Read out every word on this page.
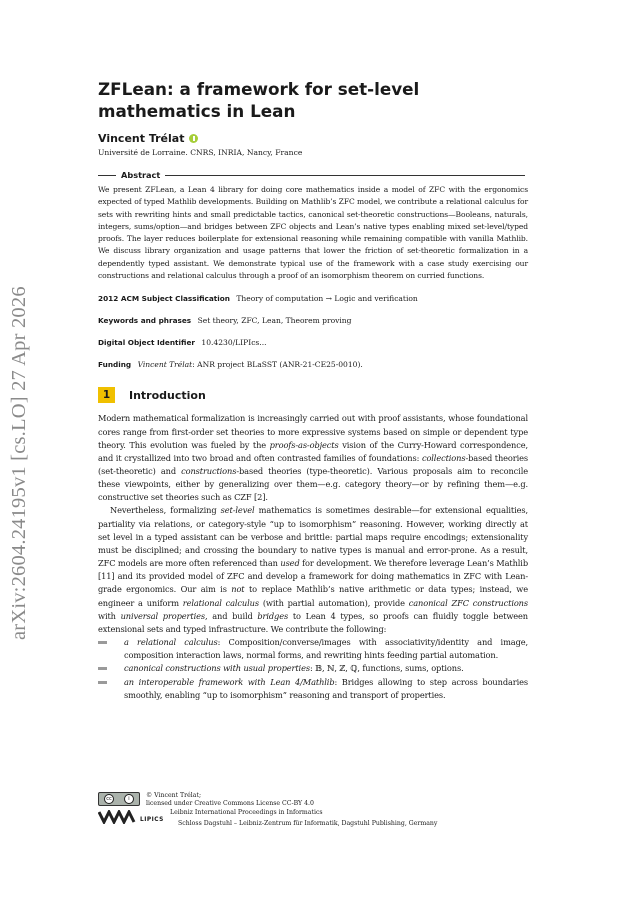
arXiv:2604.24195v1 [cs.LO] 27 Apr 2026
ZFLean: a framework for set-level mathematics in Lean
Vincent Trélat
Université de Lorraine. CNRS, INRIA, Nancy, France
Abstract

We present ZFLean, a Lean 4 library for doing core mathematics inside a model of ZFC with the ergonomics expected of typed Mathlib developments. Building on Mathlib’s ZFC model, we contribute a relational calculus for sets with rewriting hints and small predictable tactics, canonical set-theoretic constructions—Booleans, naturals, integers, sums/option—and bridges between ZFC objects and Lean’s native types enabling mixed set-level/typed proofs. The layer reduces boilerplate for extensional reasoning while remaining compatible with vanilla Mathlib. We discuss library organization and usage patterns that lower the friction of set-theoretic formalization in a dependently typed assistant. We demonstrate typical use of the framework with a case study exercising our constructions and relational calculus through a proof of an isomorphism theorem on curried functions.

2012 ACM Subject Classification Theory of computation → Logic and verification
Keywords and phrases Set theory, ZFC, Lean, Theorem proving
Digital Object Identifier 10.4230/LIPIcs...
Funding Vincent Trélat: ANR project BLaSST (ANR-21-CE25-0010).
1	Introduction

Modern mathematical formalization is increasingly carried out with proof assistants, whose foundational cores range from first-order set theories to more expressive systems based on simple or dependent type theory. This evolution was fueled by the proofs-as-objects vision of the Curry-Howard correspondence, and it crystallized into two broad and often contrasted families of foundations: collections-based theories (set-theoretic) and constructions-based theories (type-theoretic). Various proposals aim to reconcile these viewpoints, either by generalizing over them—e.g. category theory—or by refining them—e.g. constructive set theories such as CZF [2].

Nevertheless, formalizing set-level mathematics is sometimes desirable—for extensional equalities, partiality via relations, or category-style “up to isomorphism” reasoning. However, working directly at set level in a typed assistant can be verbose and brittle: partial maps require encodings; extensionality must be disciplined; and crossing the boundary to native types is manual and error-prone. As a result, ZFC models are more often referenced than used for development. We therefore leverage Lean’s Mathlib [11] and its provided model of ZFC and develop a framework for doing mathematics in ZFC with Lean-grade ergonomics. Our aim is not to replace Mathlib’s native arithmetic or data types; instead, we engineer a uniform relational calculus (with partial automation), provide canonical ZFC constructions with universal properties, and build bridges to Lean 4 types, so proofs can fluidly toggle between extensional sets and typed infrastructure. We contribute the following:

a relational calculus: Composition/converse/images with associativity/identity and image, composition interaction laws, normal forms, and rewriting hints feeding partial automation.
canonical constructions with usual properties: 𝔹, ℕ, ℤ, ℚ, functions, sums, options.
an interoperable framework with Lean 4/Mathlib: Bridges allowing to step across boundaries smoothly, enabling “up to isomorphism” reasoning and transport of properties.
cc	i	© Vincent Trélat;
licensed under Creative Commons License CC-BY 4.0
Leibniz International Proceedings in Informatics
LIPICS Schloss Dagstuhl – Leibniz-Zentrum für Informatik, Dagstuhl Publishing, Germany
